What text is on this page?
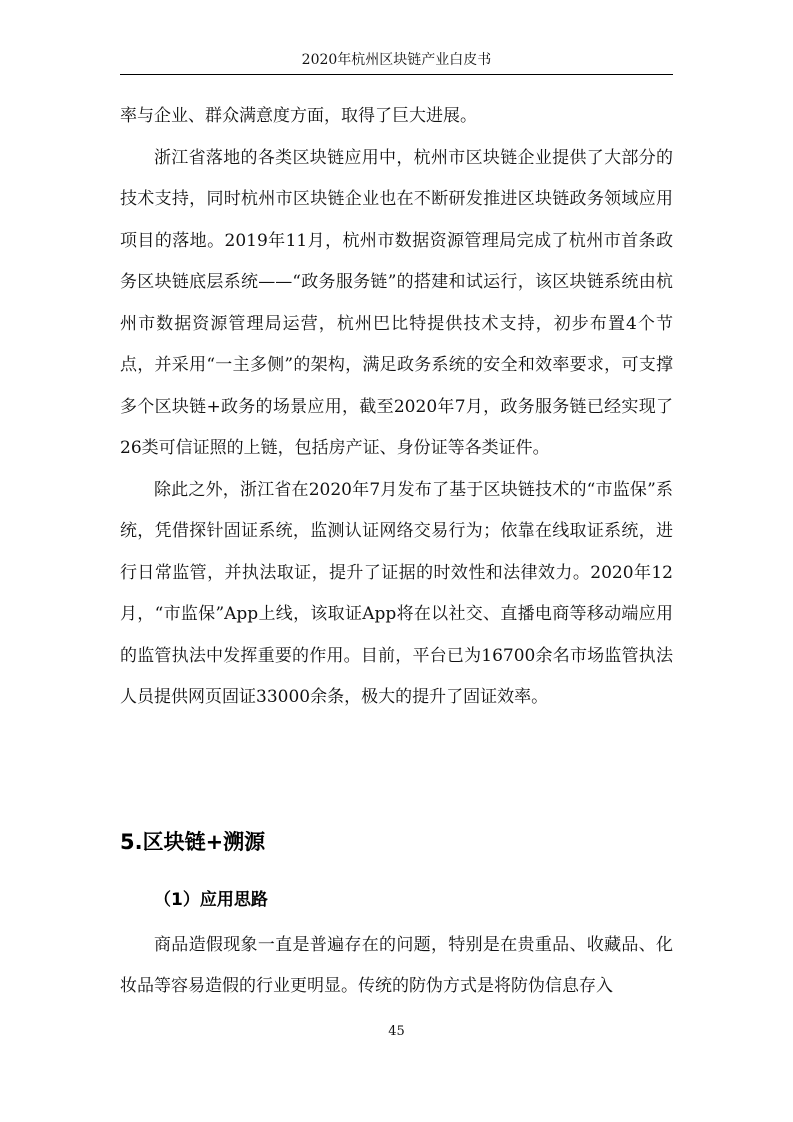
2020年杭州区块链产业白皮书

率与企业、群众满意度方面，取得了巨大进展。

浙江省落地的各类区块链应用中，杭州市区块链企业提供了大部分的技术支持，同时杭州市区块链企业也在不断研发推进区块链政务领域应用项目的落地。2019年11月，杭州市数据资源管理局完成了杭州市首条政务区块链底层系统——“政务服务链”的搭建和试运行，该区块链系统由杭州市数据资源管理局运营，杭州巴比特提供技术支持，初步布置4个节点，并采用“一主多侧”的架构，满足政务系统的安全和效率要求，可支撑多个区块链+政务的场景应用，截至2020年7月，政务服务链已经实现了26类可信证照的上链，包括房产证、身份证等各类证件。

除此之外，浙江省在2020年7月发布了基于区块链技术的“市监保”系统，凭借探针固证系统，监测认证网络交易行为；依靠在线取证系统，进行日常监管，并执法取证，提升了证据的时效性和法律效力。2020年12月，“市监保”App上线，该取证App将在以社交、直播电商等移动端应用的监管执法中发挥重要的作用。目前，平台已为16700余名市场监管执法人员提供网页固证33000余条，极大的提升了固证效率。

5.区块链+溯源
（1）应用思路

商品造假现象一直是普遍存在的问题，特别是在贵重品、收藏品、化妆品等容易造假的行业更明显。传统的防伪方式是将防伪信息存入

45
